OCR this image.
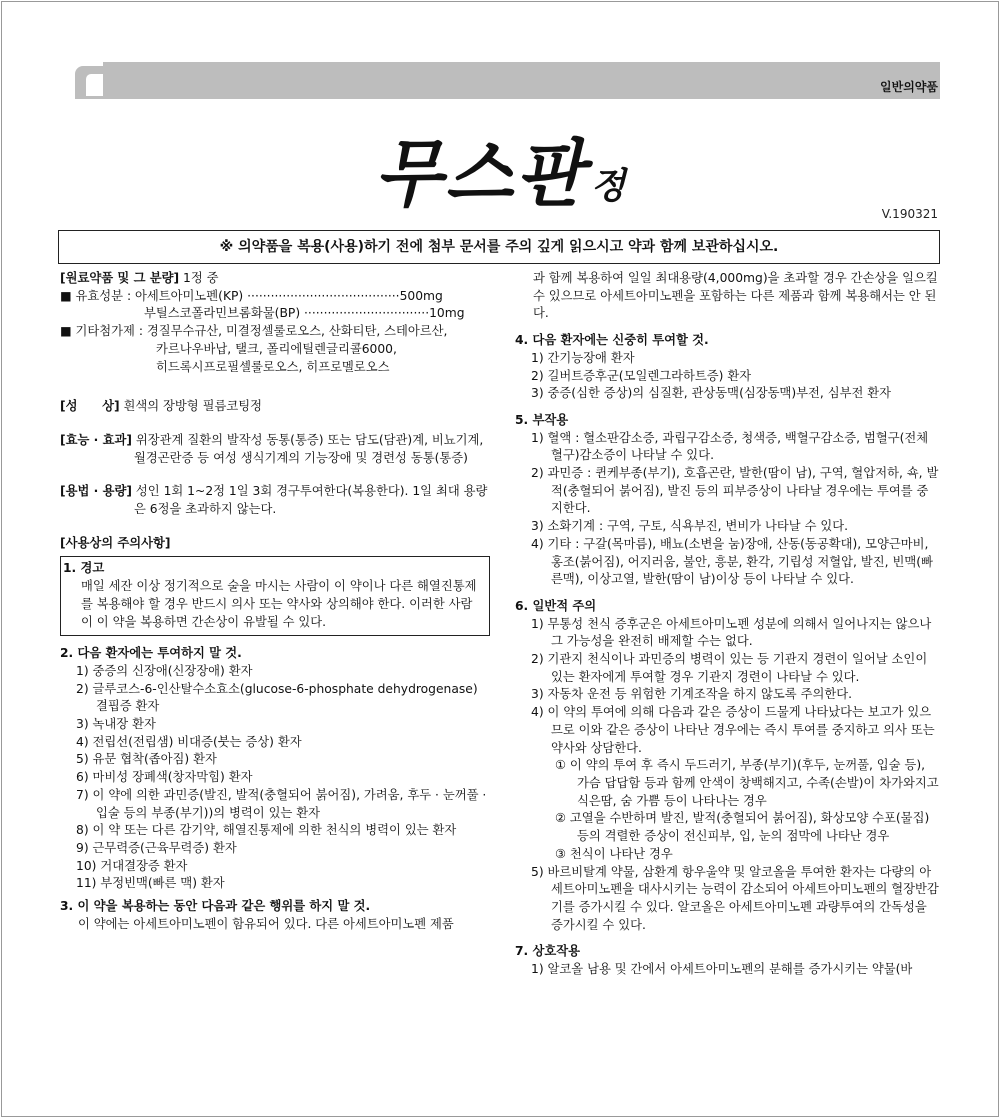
일반의약품
무스판 정
V.190321
※ 의약품을 복용(사용)하기 전에 첨부 문서를 주의 깊게 읽으시고 약과 함께 보관하십시오.
[원료약품 및 그 분량] 1정 중
■ 유효성분 : 아세트아미노펜(KP) ·······································500mg
부틸스코폴라민브롬화물(BP) ································10mg
■ 기타첨가제 : 경질무수규산, 미결정셀룰로오스, 산화티탄, 스테아르산,
카르나우바납, 탤크, 폴리에틸렌글리콜6000,
히드록시프로필셀룰로오스, 히프로멜로오스
[성　　상] 흰색의 장방형 필름코팅정
[효능 · 효과] 위장관계 질환의 발작성 동통(통증) 또는 담도(담관)계, 비뇨기계, 월경곤란증 등 여성 생식기계의 기능장애 및 경련성 동통(통증)
[용법 · 용량] 성인 1회 1~2정 1일 3회 경구투여한다(복용한다). 1일 최대 용량은 6정을 초과하지 않는다.
[사용상의 주의사항]
1. 경고
매일 세잔 이상 정기적으로 술을 마시는 사람이 이 약이나 다른 해열진통제를 복용해야 할 경우 반드시 의사 또는 약사와 상의해야 한다. 이러한 사람이 이 약을 복용하면 간손상이 유발될 수 있다.
2. 다음 환자에는 투여하지 말 것.
1) 중증의 신장애(신장장애) 환자
2) 글루코스-6-인산탈수소효소(glucose-6-phosphate dehydrogenase) 결핍증 환자
3) 녹내장 환자
4) 전립선(전립샘) 비대증(붓는 증상) 환자
5) 유문 협착(좁아짐) 환자
6) 마비성 장폐색(창자막힘) 환자
7) 이 약에 의한 과민증(발진, 발적(충혈되어 붉어짐), 가려움, 후두 · 눈꺼풀 · 입술 등의 부종(부기))의 병력이 있는 환자
8) 이 약 또는 다른 감기약, 해열진통제에 의한 천식의 병력이 있는 환자
9) 근무력증(근육무력증) 환자
10) 거대결장증 환자
11) 부정빈맥(빠른 맥) 환자
3. 이 약을 복용하는 동안 다음과 같은 행위를 하지 말 것.
이 약에는 아세트아미노펜이 함유되어 있다. 다른 아세트아미노펜 제품
과 함께 복용하여 일일 최대용량(4,000mg)을 초과할 경우 간손상을 일으킬 수 있으므로 아세트아미노펜을 포함하는 다른 제품과 함께 복용해서는 안 된다.
4. 다음 환자에는 신중히 투여할 것.
1) 간기능장애 환자
2) 길버트증후군(모일렌그라하트증) 환자
3) 중증(심한 증상)의 심질환, 관상동맥(심장동맥)부전, 심부전 환자
5. 부작용
1) 혈액 : 혈소판감소증, 과립구감소증, 청색증, 백혈구감소증, 범혈구(전체혈구)감소증이 나타날 수 있다.
2) 과민증 : 퀸케부종(부기), 호흡곤란, 발한(땀이 남), 구역, 혈압저하, 쇽, 발적(충혈되어 붉어짐), 발진 등의 피부증상이 나타날 경우에는 투여를 중지한다.
3) 소화기계 : 구역, 구토, 식욕부진, 변비가 나타날 수 있다.
4) 기타 : 구갈(목마름), 배뇨(소변을 눔)장애, 산동(동공확대), 모양근마비, 홍조(붉어짐), 어지러움, 불안, 흥분, 환각, 기립성 저혈압, 발진, 빈맥(빠른맥), 이상고열, 발한(땀이 남)이상 등이 나타날 수 있다.
6. 일반적 주의
1) 무통성 천식 증후군은 아세트아미노펜 성분에 의해서 일어나지는 않으나 그 가능성을 완전히 배제할 수는 없다.
2) 기관지 천식이나 과민증의 병력이 있는 등 기관지 경련이 일어날 소인이 있는 환자에게 투여할 경우 기관지 경련이 나타날 수 있다.
3) 자동차 운전 등 위험한 기계조작을 하지 않도록 주의한다.
4) 이 약의 투여에 의해 다음과 같은 증상이 드물게 나타났다는 보고가 있으므로 이와 같은 증상이 나타난 경우에는 즉시 투여를 중지하고 의사 또는 약사와 상담한다.
① 이 약의 투여 후 즉시 두드러기, 부종(부기)(후두, 눈꺼풀, 입술 등), 가슴 답답함 등과 함께 안색이 창백해지고, 수족(손발)이 차가와지고 식은땀, 숨 가쁨 등이 나타나는 경우
② 고열을 수반하며 발진, 발적(충혈되어 붉어짐), 화상모양 수포(물집) 등의 격렬한 증상이 전신피부, 입, 눈의 점막에 나타난 경우
③ 천식이 나타난 경우
5) 바르비탈계 약물, 삼환계 항우울약 및 알코올을 투여한 환자는 다량의 아세트아미노펜을 대사시키는 능력이 감소되어 아세트아미노펜의 혈장반감기를 증가시킬 수 있다. 알코올은 아세트아미노펜 과량투여의 간독성을 증가시킬 수 있다.
7. 상호작용
1) 알코올 남용 및 간에서 아세트아미노펜의 분해를 증가시키는 약물(바
